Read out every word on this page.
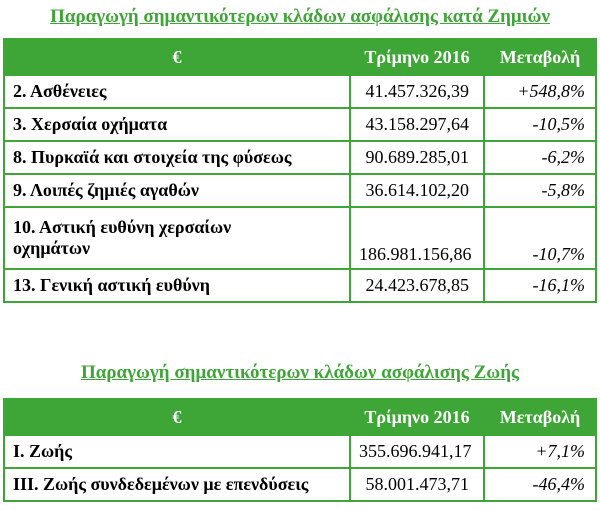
Παραγωγή σημαντικότερων κλάδων ασφάλισης κατά Ζημιών
€	Τρίμηνο 2016	Μεταβολή
2. Ασθένειες	41.457.326,39	+548,8%
3. Χερσαία οχήματα	43.158.297,64	-10,5%
8. Πυρκαϊά και στοιχεία της φύσεως	90.689.285,01	-6,2%
9. Λοιπές ζημιές αγαθών	36.614.102,20	-5,8%
10. Αστική ευθύνη χερσαίων οχημάτων	186.981.156,86	-10,7%
13. Γενική αστική ευθύνη	24.423.678,85	-16,1%
Παραγωγή σημαντικότερων κλάδων ασφάλισης Ζωής
€	Τρίμηνο 2016	Μεταβολή
I. Ζωής	355.696.941,17	+7,1%
III. Ζωής συνδεδεμένων με επενδύσεις	58.001.473,71	-46,4%
